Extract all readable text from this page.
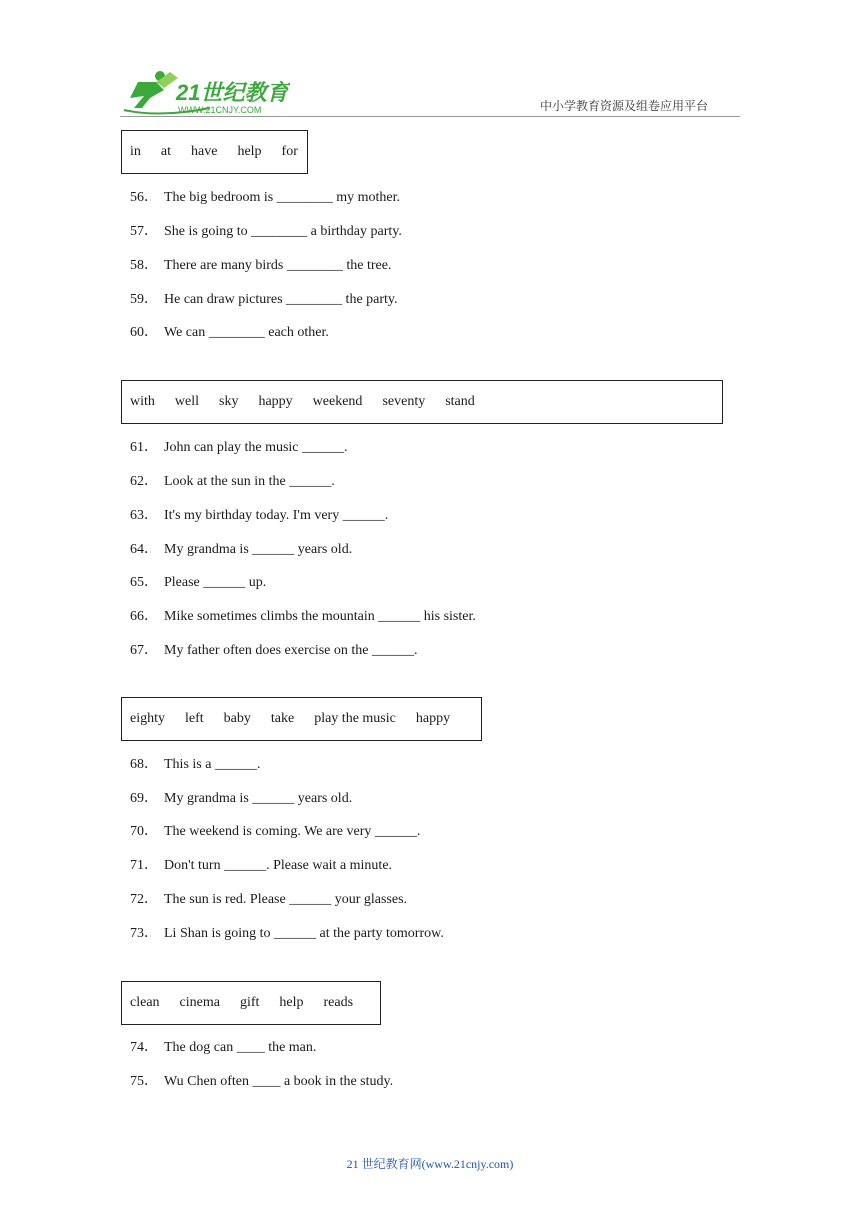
21世纪教育
WWW.21CNJY.COM	中小学教育资源及组卷应用平台
in at have help for
56． The big bedroom is ________ my mother.
57． She is going to ________ a birthday party.
58． There are many birds ________ the tree.
59． He can draw pictures ________ the party.
60． We can ________ each other.
with well sky happy weekend seventy stand
61． John can play the music ______.
62． Look at the sun in the ______.
63． It's my birthday today. I'm very ______.
64． My grandma is ______ years old.
65． Please ______ up.
66． Mike sometimes climbs the mountain ______ his sister.
67． My father often does exercise on the ______.
eighty left baby take play the music happy
68． This is a ______.
69． My grandma is ______ years old.
70． The weekend is coming. We are very ______.
71． Don't turn ______. Please wait a minute.
72． The sun is red. Please ______ your glasses.
73． Li Shan is going to ______ at the party tomorrow.
clean cinema gift help reads
74． The dog can ____ the man.
75． Wu Chen often ____ a book in the study.
21 世纪教育网(www.21cnjy.com)
